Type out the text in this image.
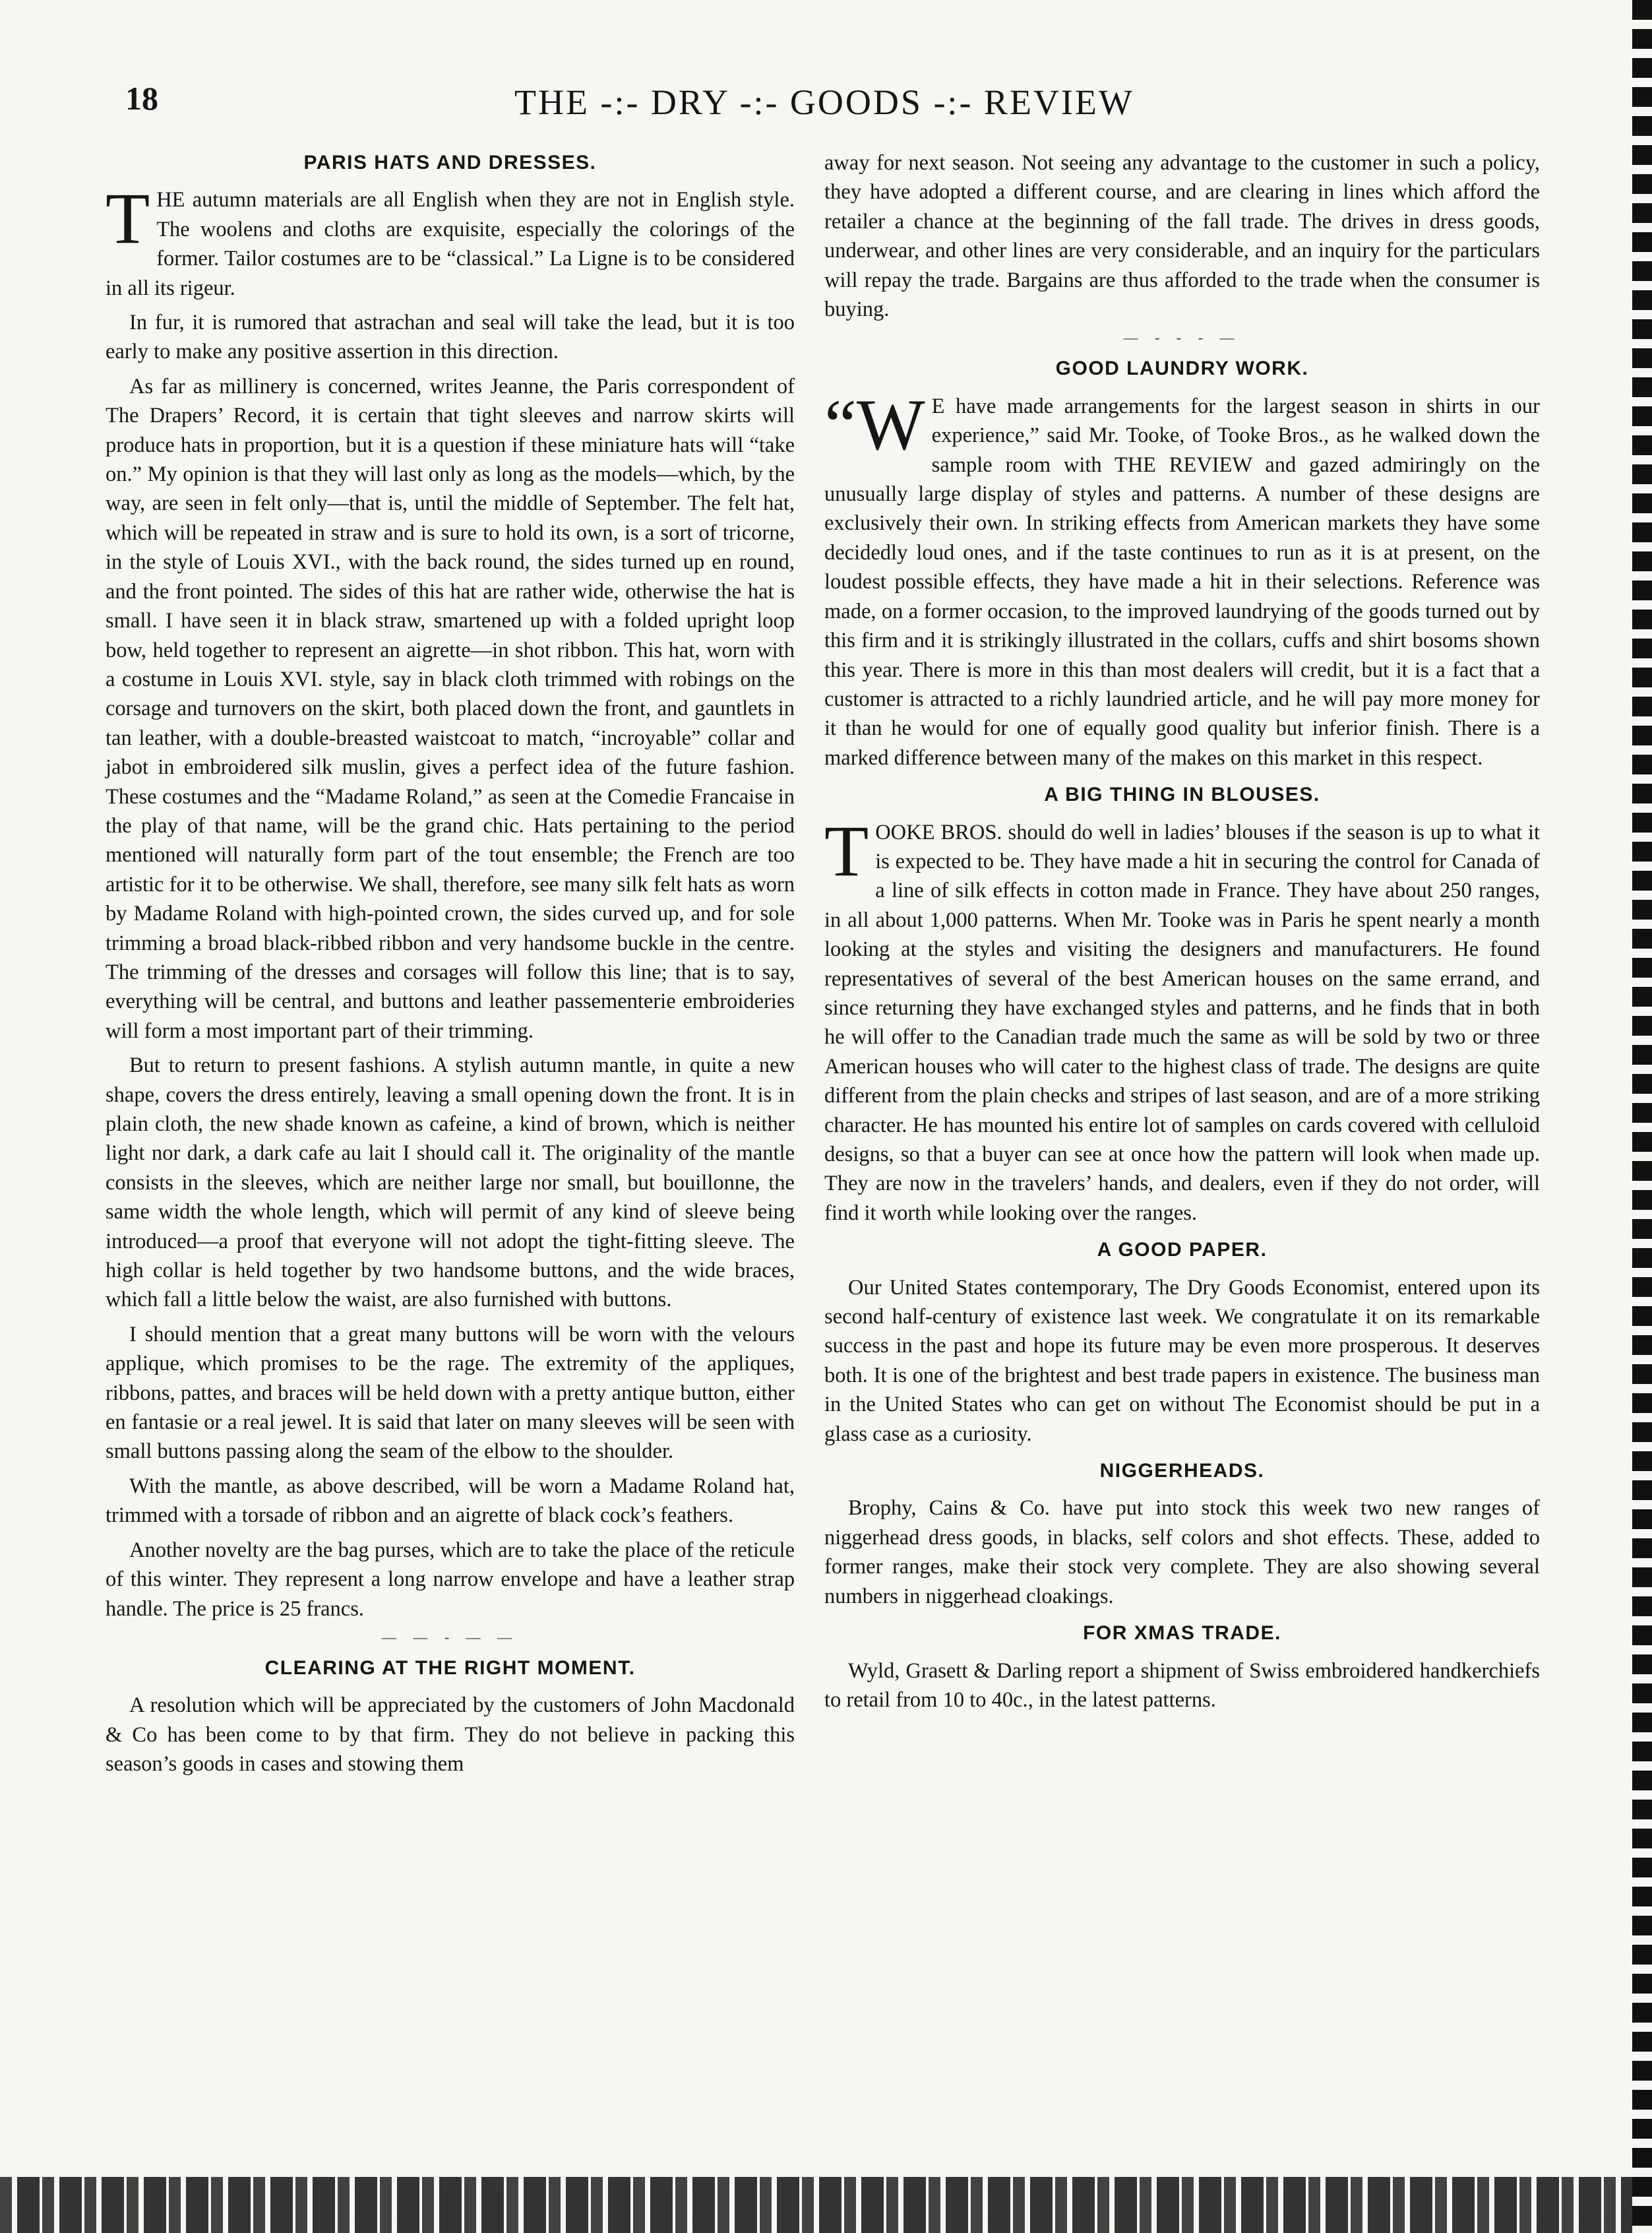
18	THE -:- DRY -:- GOODS -:- REVIEW
PARIS HATS AND DRESSES.

THE autumn materials are all English when they are not in English style. The woolens and cloths are exquisite, especially the colorings of the former. Tailor costumes are to be “classical.” La Ligne is to be considered in all its rigeur.

In fur, it is rumored that astrachan and seal will take the lead, but it is too early to make any positive assertion in this direction.

As far as millinery is concerned, writes Jeanne, the Paris correspondent of The Drapers’ Record, it is certain that tight sleeves and narrow skirts will produce hats in proportion, but it is a question if these miniature hats will “take on.” My opinion is that they will last only as long as the models—which, by the way, are seen in felt only—that is, until the middle of September. The felt hat, which will be repeated in straw and is sure to hold its own, is a sort of tricorne, in the style of Louis XVI., with the back round, the sides turned up en round, and the front pointed. The sides of this hat are rather wide, otherwise the hat is small. I have seen it in black straw, smartened up with a folded upright loop bow, held together to represent an aigrette—in shot ribbon. This hat, worn with a costume in Louis XVI. style, say in black cloth trimmed with robings on the corsage and turnovers on the skirt, both placed down the front, and gauntlets in tan leather, with a double-breasted waistcoat to match, “incroyable” collar and jabot in embroidered silk muslin, gives a perfect idea of the future fashion. These costumes and the “Madame Roland,” as seen at the Comedie Francaise in the play of that name, will be the grand chic. Hats pertaining to the period mentioned will naturally form part of the tout ensemble; the French are too artistic for it to be otherwise. We shall, therefore, see many silk felt hats as worn by Madame Roland with high-pointed crown, the sides curved up, and for sole trimming a broad black-ribbed ribbon and very handsome buckle in the centre. The trimming of the dresses and corsages will follow this line; that is to say, everything will be central, and buttons and leather passementerie embroideries will form a most important part of their trimming.

But to return to present fashions. A stylish autumn mantle, in quite a new shape, covers the dress entirely, leaving a small opening down the front. It is in plain cloth, the new shade known as cafeine, a kind of brown, which is neither light nor dark, a dark cafe au lait I should call it. The originality of the mantle consists in the sleeves, which are neither large nor small, but bouillonne, the same width the whole length, which will permit of any kind of sleeve being introduced—a proof that everyone will not adopt the tight-fitting sleeve. The high collar is held together by two handsome buttons, and the wide braces, which fall a little below the waist, are also furnished with buttons.

I should mention that a great many buttons will be worn with the velours applique, which promises to be the rage. The extremity of the appliques, ribbons, pattes, and braces will be held down with a pretty antique button, either en fantasie or a real jewel. It is said that later on many sleeves will be seen with small buttons passing along the seam of the elbow to the shoulder.

With the mantle, as above described, will be worn a Madame Roland hat, trimmed with a torsade of ribbon and an aigrette of black cock’s feathers.

Another novelty are the bag purses, which are to take the place of the reticule of this winter. They represent a long narrow envelope and have a leather strap handle. The price is 25 francs.

— — - — —
CLEARING AT THE RIGHT MOMENT.

A resolution which will be appreciated by the customers of John Macdonald & Co has been come to by that firm. They do not believe in packing this season’s goods in cases and stowing them

away for next season. Not seeing any advantage to the customer in such a policy, they have adopted a different course, and are clearing in lines which afford the retailer a chance at the beginning of the fall trade. The drives in dress goods, underwear, and other lines are very considerable, and an inquiry for the particulars will repay the trade. Bargains are thus afforded to the trade when the consumer is buying.

— - - - —
GOOD LAUNDRY WORK.

“W E have made arrangements for the largest season in shirts in our experience,” said Mr. Tooke, of Tooke Bros., as he walked down the sample room with THE REVIEW and gazed admiringly on the unusually large display of styles and patterns. A number of these designs are exclusively their own. In striking effects from American markets they have some decidedly loud ones, and if the taste continues to run as it is at present, on the loudest possible effects, they have made a hit in their selections. Reference was made, on a former occasion, to the improved laundrying of the goods turned out by this firm and it is strikingly illustrated in the collars, cuffs and shirt bosoms shown this year. There is more in this than most dealers will credit, but it is a fact that a customer is attracted to a richly laundried article, and he will pay more money for it than he would for one of equally good quality but inferior finish. There is a marked difference between many of the makes on this market in this respect.

A BIG THING IN BLOUSES.

TOOKE BROS. should do well in ladies’ blouses if the season is up to what it is expected to be. They have made a hit in securing the control for Canada of a line of silk effects in cotton made in France. They have about 250 ranges, in all about 1,000 patterns. When Mr. Tooke was in Paris he spent nearly a month looking at the styles and visiting the designers and manufacturers. He found representatives of several of the best American houses on the same errand, and since returning they have exchanged styles and patterns, and he finds that in both he will offer to the Canadian trade much the same as will be sold by two or three American houses who will cater to the highest class of trade. The designs are quite different from the plain checks and stripes of last season, and are of a more striking character. He has mounted his entire lot of samples on cards covered with celluloid designs, so that a buyer can see at once how the pattern will look when made up. They are now in the travelers’ hands, and dealers, even if they do not order, will find it worth while looking over the ranges.

A GOOD PAPER.

Our United States contemporary, The Dry Goods Economist, entered upon its second half-century of existence last week. We congratulate it on its remarkable success in the past and hope its future may be even more prosperous. It deserves both. It is one of the brightest and best trade papers in existence. The business man in the United States who can get on without The Economist should be put in a glass case as a curiosity.

NIGGERHEADS.

Brophy, Cains & Co. have put into stock this week two new ranges of niggerhead dress goods, in blacks, self colors and shot effects. These, added to former ranges, make their stock very complete. They are also showing several numbers in niggerhead cloakings.

FOR XMAS TRADE.

Wyld, Grasett & Darling report a shipment of Swiss embroidered handkerchiefs to retail from 10 to 40c., in the latest patterns.
